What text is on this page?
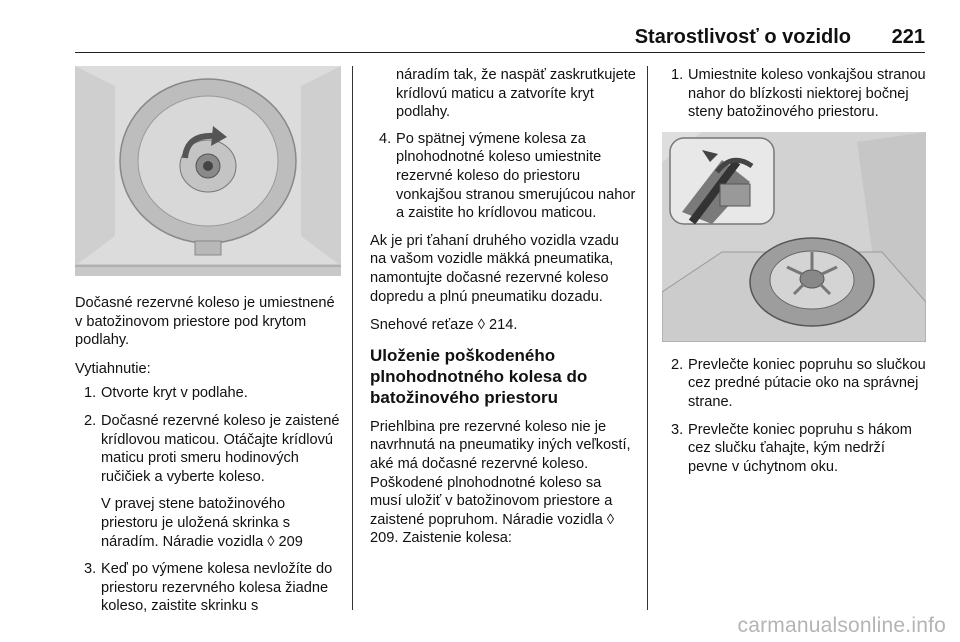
Starostlivosť o vozidlo 221

Dočasné rezervné koleso je umiestnené v batožinovom priestore pod krytom podlahy.

Vytiahnutie:

1. Otvorte kryt v podlahe.
2. Dočasné rezervné koleso je zaistené krídlovou maticou. Otáčajte krídlovú maticu proti smeru hodinových ručičiek a vyberte koleso.
V pravej stene batožinového priestoru je uložená skrinka s náradím. Náradie vozidla ◊ 209
3. Keď po výmene kolesa nevložíte do priestoru rezervného kolesa žiadne koleso, zaistite skrinku s

náradím tak, že naspäť zaskrutkujete krídlovú maticu a zatvoríte kryt podlahy.

4. Po spätnej výmene kolesa za plnohodnotné koleso umiestnite rezervné koleso do priestoru vonkajšou stranou smerujúcou nahor a zaistite ho krídlovou maticou.

Ak je pri ťahaní druhého vozidla vzadu na vašom vozidle mäkká pneumatika, namontujte dočasné rezervné koleso dopredu a plnú pneumatiku dozadu.

Snehové reťaze ◊ 214.

Uloženie poškodeného plnohodnotného kolesa do batožinového priestoru

Priehlbina pre rezervné koleso nie je navrhnutá na pneumatiky iných veľkostí, aké má dočasné rezervné koleso. Poškodené plnohodnotné koleso sa musí uložiť v batožinovom priestore a zaistené popruhom. Náradie vozidla ◊ 209. Zaistenie kolesa:

1. Umiestnite koleso vonkajšou stranou nahor do blízkosti niektorej bočnej steny batožinového priestoru.
2. Prevlečte koniec popruhu so slučkou cez predné pútacie oko na správnej strane.
3. Prevlečte koniec popruhu s hákom cez slučku ťahajte, kým nedrží pevne v úchytnom oku.
carmanualsonline.info
